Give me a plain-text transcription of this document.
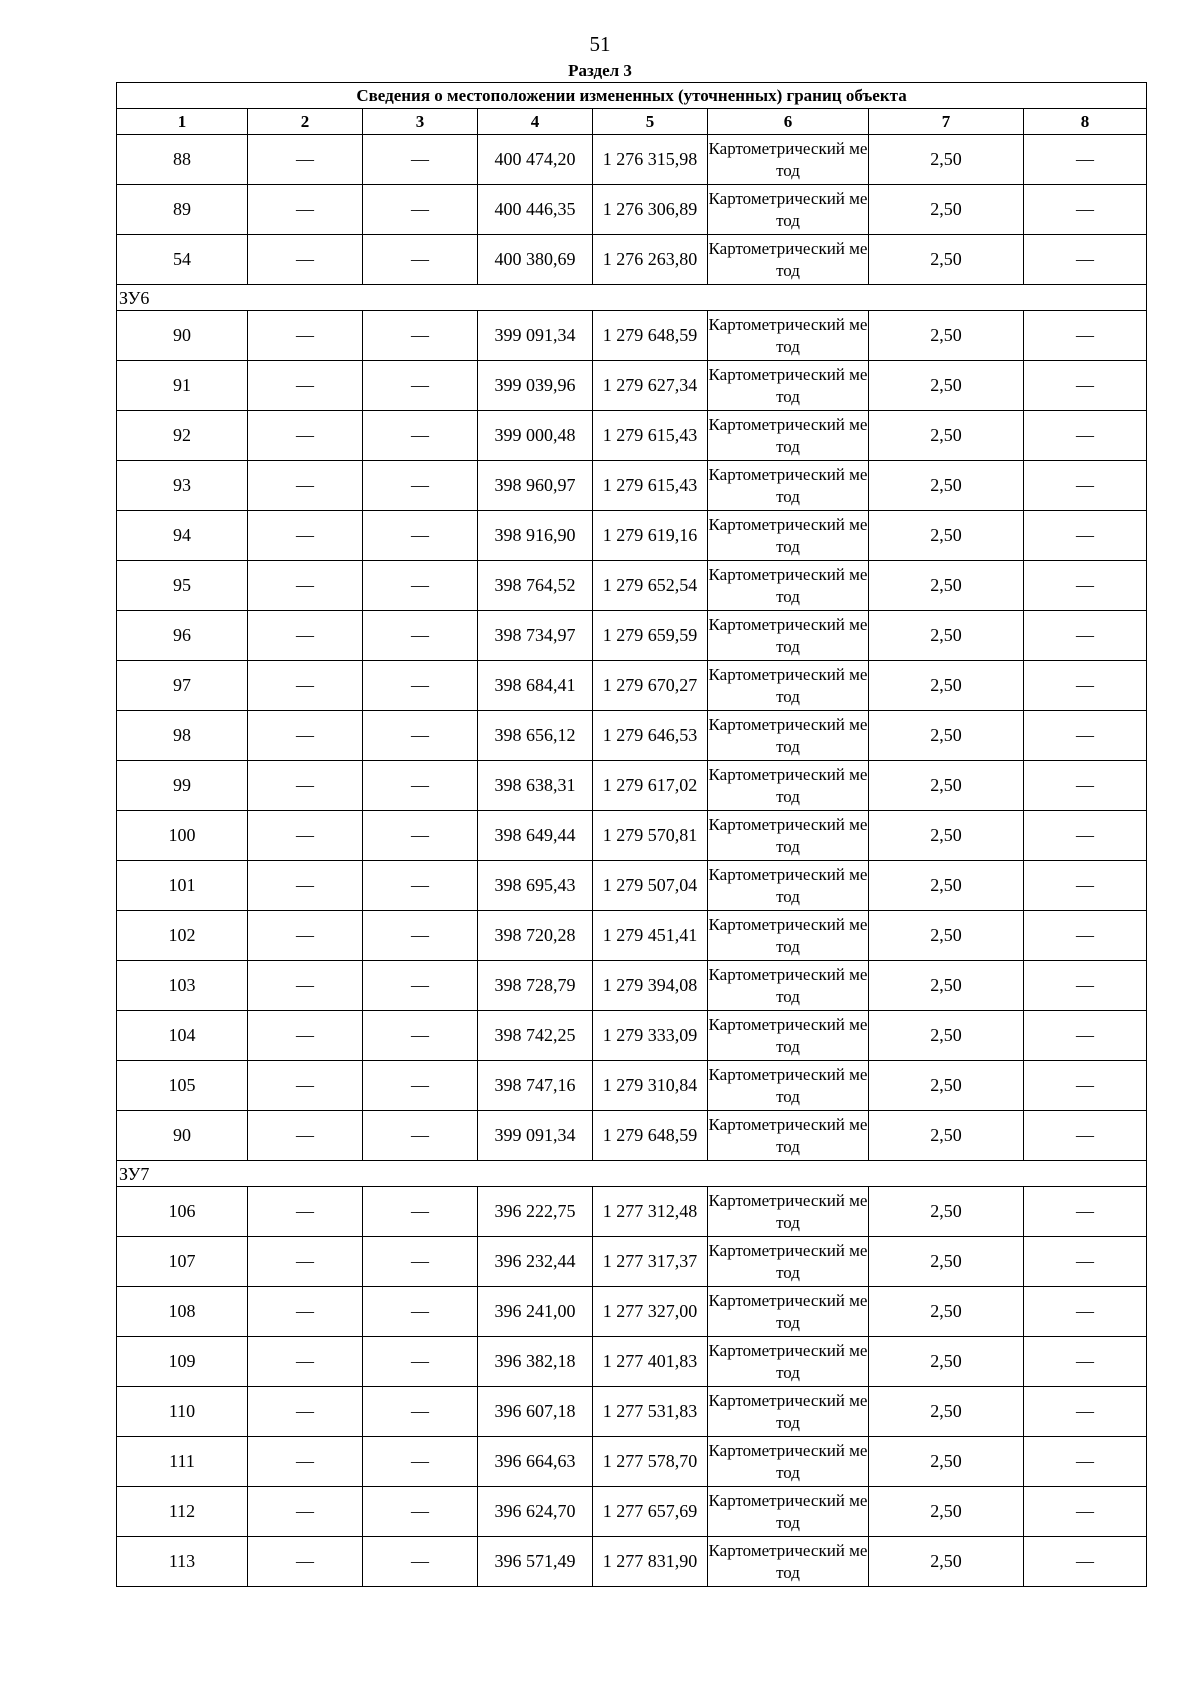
51
Раздел 3
Сведения о местоположении измененных (уточненных) границ объекта							
1	2	3	4	5	6	7	8
88	—	—	400 474,20	1 276 315,98	Картометрический метод	2,50	—
89	—	—	400 446,35	1 276 306,89	Картометрический метод	2,50	—
54	—	—	400 380,69	1 276 263,80	Картометрический метод	2,50	—
ЗУ6							
90	—	—	399 091,34	1 279 648,59	Картометрический метод	2,50	—
91	—	—	399 039,96	1 279 627,34	Картометрический метод	2,50	—
92	—	—	399 000,48	1 279 615,43	Картометрический метод	2,50	—
93	—	—	398 960,97	1 279 615,43	Картометрический метод	2,50	—
94	—	—	398 916,90	1 279 619,16	Картометрический метод	2,50	—
95	—	—	398 764,52	1 279 652,54	Картометрический метод	2,50	—
96	—	—	398 734,97	1 279 659,59	Картометрический метод	2,50	—
97	—	—	398 684,41	1 279 670,27	Картометрический метод	2,50	—
98	—	—	398 656,12	1 279 646,53	Картометрический метод	2,50	—
99	—	—	398 638,31	1 279 617,02	Картометрический метод	2,50	—
100	—	—	398 649,44	1 279 570,81	Картометрический метод	2,50	—
101	—	—	398 695,43	1 279 507,04	Картометрический метод	2,50	—
102	—	—	398 720,28	1 279 451,41	Картометрический метод	2,50	—
103	—	—	398 728,79	1 279 394,08	Картометрический метод	2,50	—
104	—	—	398 742,25	1 279 333,09	Картометрический метод	2,50	—
105	—	—	398 747,16	1 279 310,84	Картометрический метод	2,50	—
90	—	—	399 091,34	1 279 648,59	Картометрический метод	2,50	—
ЗУ7							
106	—	—	396 222,75	1 277 312,48	Картометрический метод	2,50	—
107	—	—	396 232,44	1 277 317,37	Картометрический метод	2,50	—
108	—	—	396 241,00	1 277 327,00	Картометрический метод	2,50	—
109	—	—	396 382,18	1 277 401,83	Картометрический метод	2,50	—
110	—	—	396 607,18	1 277 531,83	Картометрический метод	2,50	—
111	—	—	396 664,63	1 277 578,70	Картометрический метод	2,50	—
112	—	—	396 624,70	1 277 657,69	Картометрический метод	2,50	—
113	—	—	396 571,49	1 277 831,90	Картометрический метод	2,50	—
